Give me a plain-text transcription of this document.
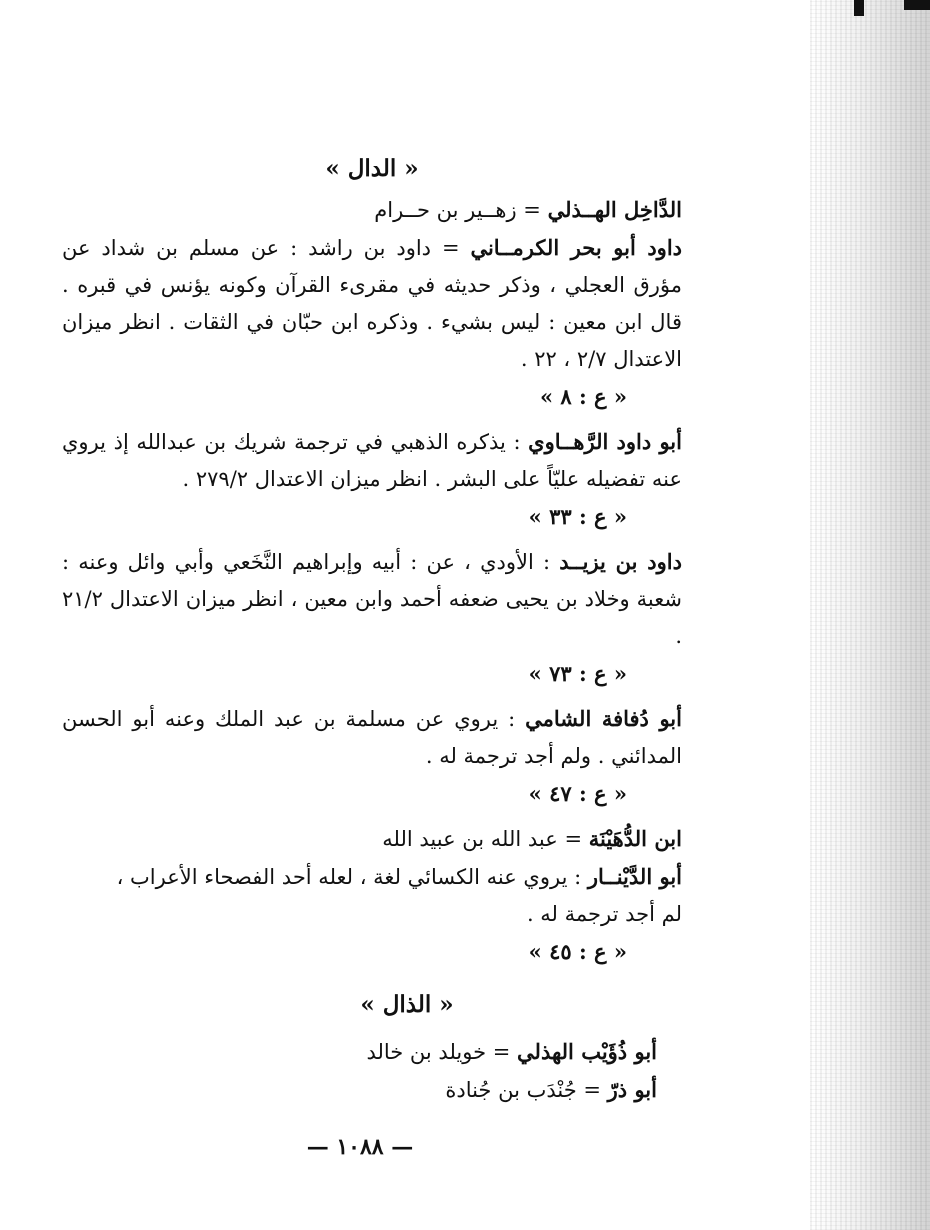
« الدال »

الدَّاخِل الهــذلي = زهــير بن حــرام

داود أبو بحر الكرمــاني = داود بن راشد : عن مسلم بن شداد عن مؤرق العجلي ، وذكر حديثه في مقرىء القرآن وكونه يؤنس في قبره . قال ابن معين : ليس بشيء . وذكره ابن حبّان في الثقات . انظر ميزان الاعتدال ٢/٧ ، ٢٢ .

« ع : ٨ »

أبو داود الرَّهــاوي : يذكره الذهبي في ترجمة شريك بن عبدالله إذ يروي عنه تفضيله عليّاً على البشر . انظر ميزان الاعتدال ٢٧٩/٢ .

« ع : ٣٣ »

داود بن يزيــد : الأودي ، عن : أبيه وإبراهيم النَّخَعي وأبي وائل وعنه : شعبة وخلاد بن يحيى ضعفه أحمد وابن معين ، انظر ميزان الاعتدال ٢١/٢ .

« ع : ٧٣ »

أبو دُفافة الشامي : يروي عن مسلمة بن عبد الملك وعنه أبو الحسن المدائني . ولم أجد ترجمة له .

« ع : ٤٧ »

ابن الدُّهَيْنَة = عبد الله بن عبيد الله

أبو الدَّيْنــار : يروي عنه الكسائي لغة ، لعله أحد الفصحاء الأعراب ،

لم أجد ترجمة له .

« ع : ٤٥ »
« الذال »

أبو ذُؤَيْب الهذلي = خويلد بن خالد

أبو ذرّ = جُنْدَب بن جُنادة

— ١٠٨٨ —
